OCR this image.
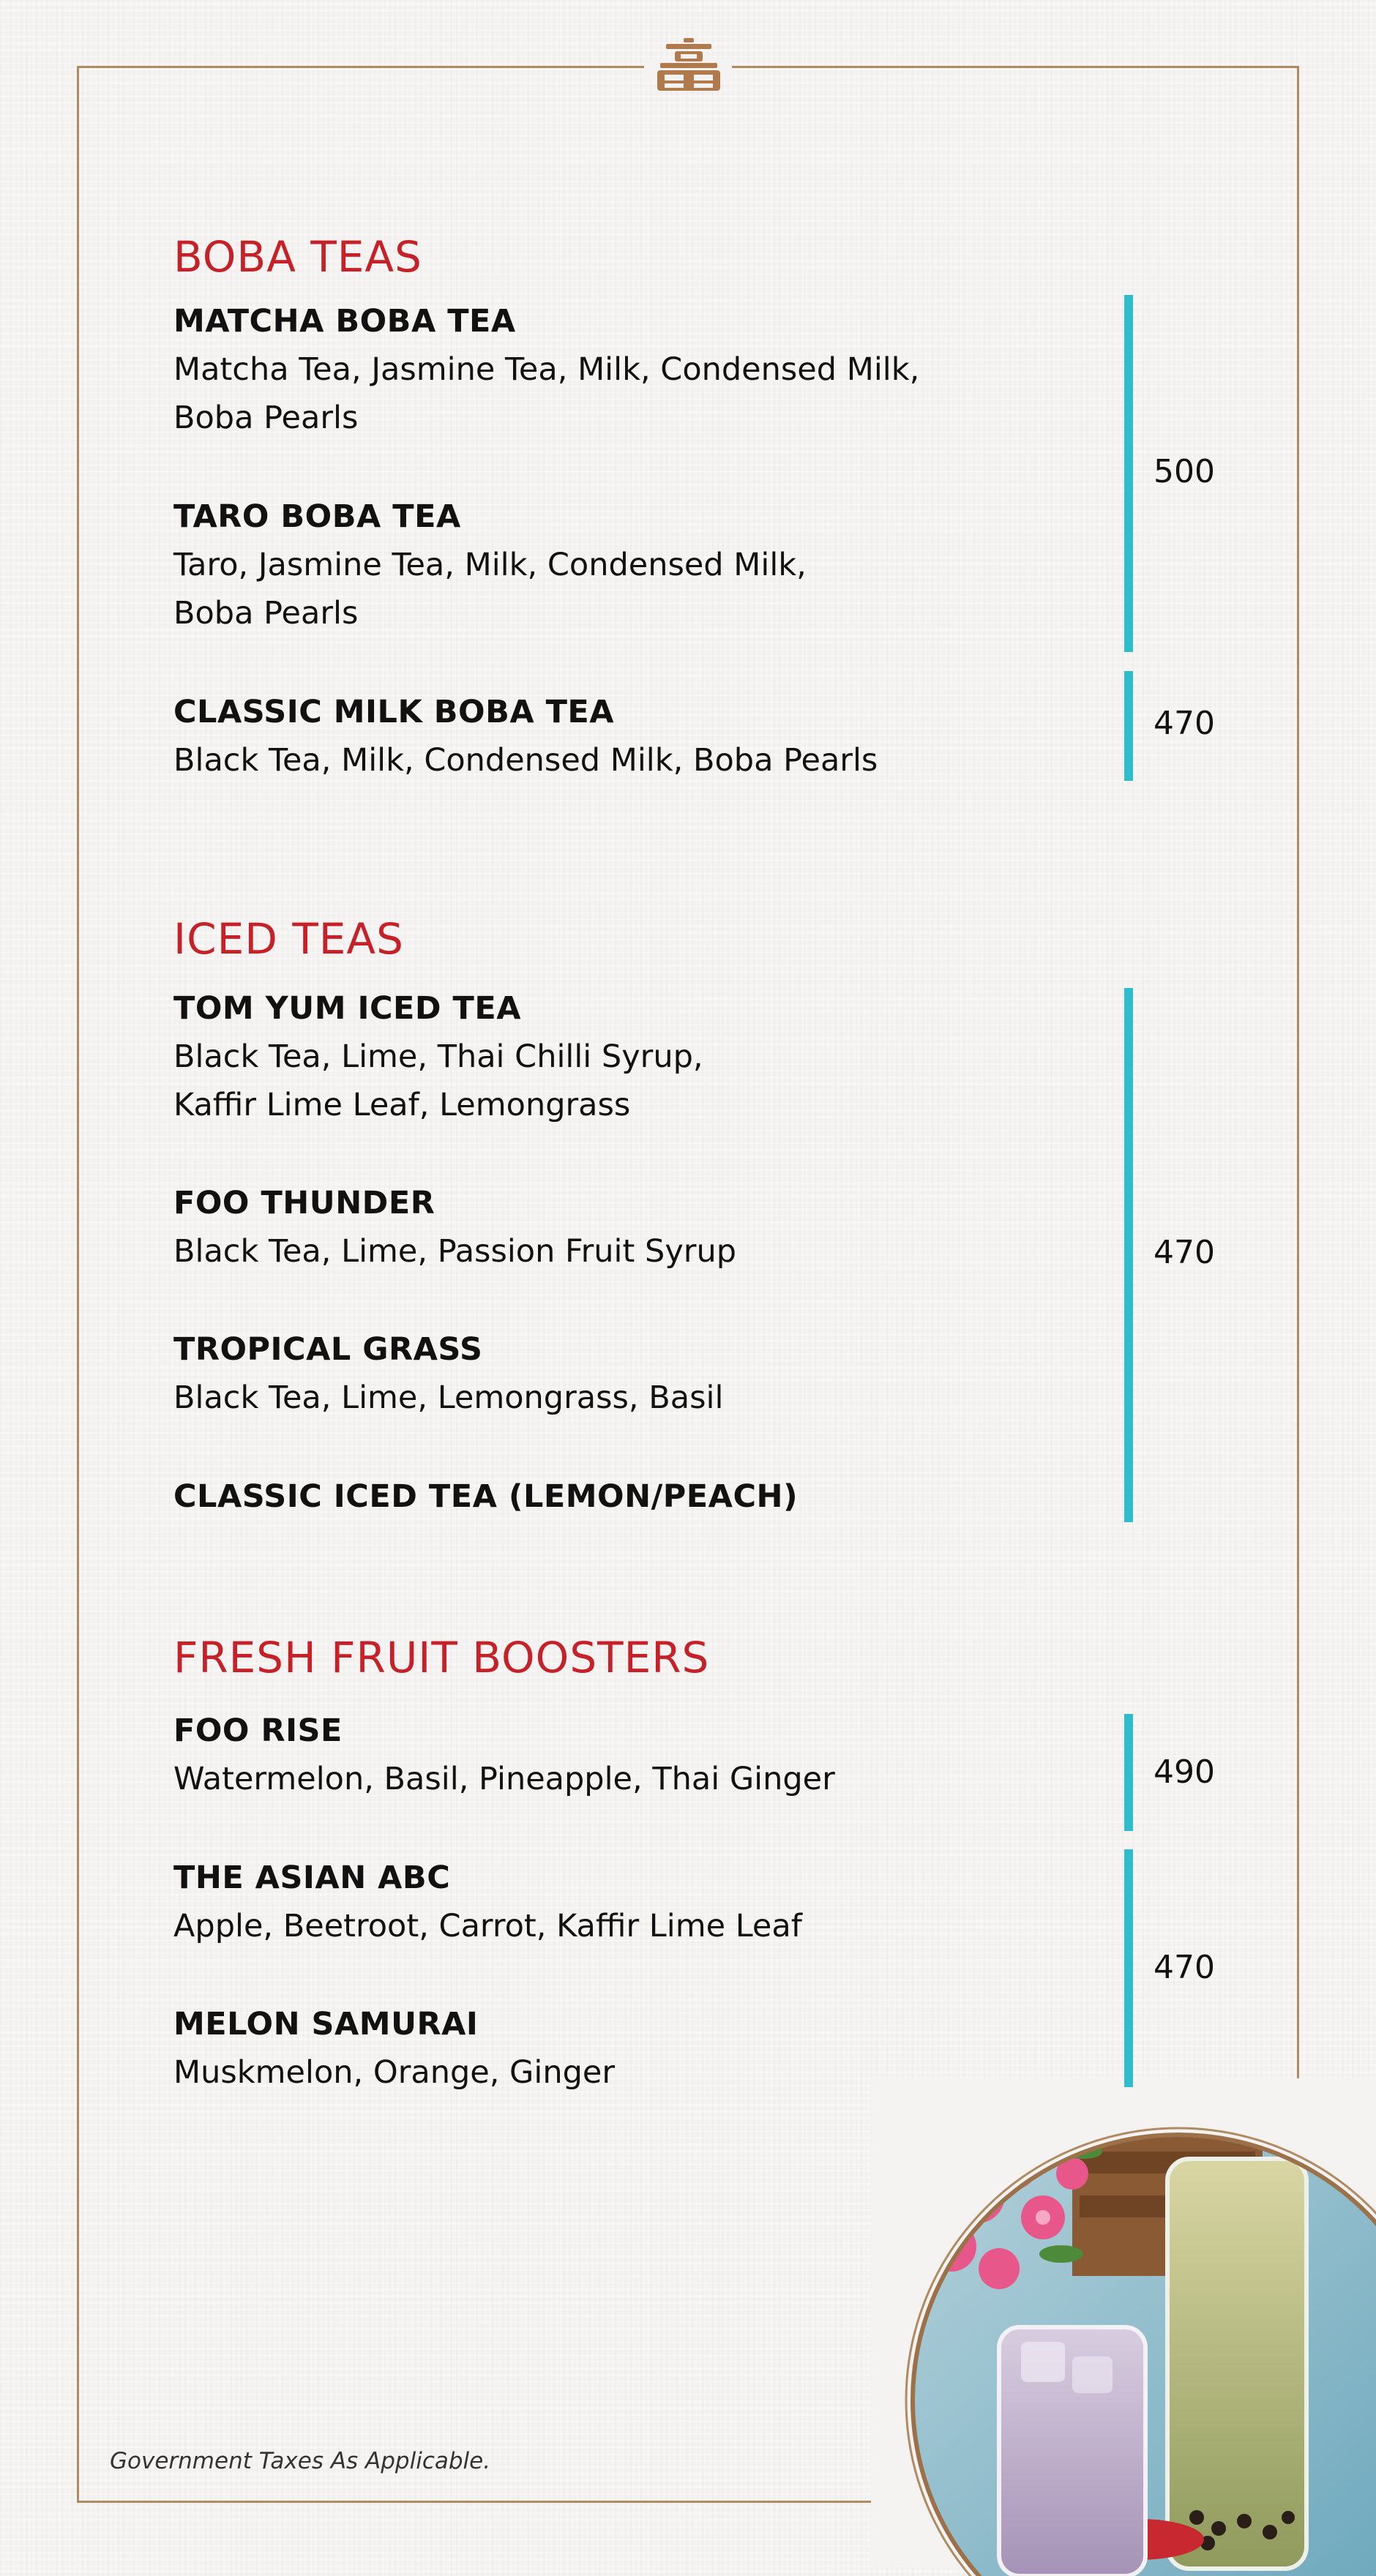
BOBA TEAS
MATCHA BOBA TEA
Matcha Tea, Jasmine Tea, Milk, Condensed Milk,
Boba Pearls
TARO BOBA TEA
Taro, Jasmine Tea, Milk, Condensed Milk,
Boba Pearls
CLASSIC MILK BOBA TEA
Black Tea, Milk, Condensed Milk, Boba Pearls
500
470
ICED TEAS
TOM YUM ICED TEA
Black Tea, Lime, Thai Chilli Syrup,
Kaffir Lime Leaf, Lemongrass
FOO THUNDER
Black Tea, Lime, Passion Fruit Syrup
TROPICAL GRASS
Black Tea, Lime, Lemongrass, Basil
CLASSIC ICED TEA (LEMON/PEACH)
470
FRESH FRUIT BOOSTERS
FOO RISE
Watermelon, Basil, Pineapple, Thai Ginger
THE ASIAN ABC
Apple, Beetroot, Carrot, Kaffir Lime Leaf
MELON SAMURAI
Muskmelon, Orange, Ginger
490
470
Government Taxes As Applicable.
